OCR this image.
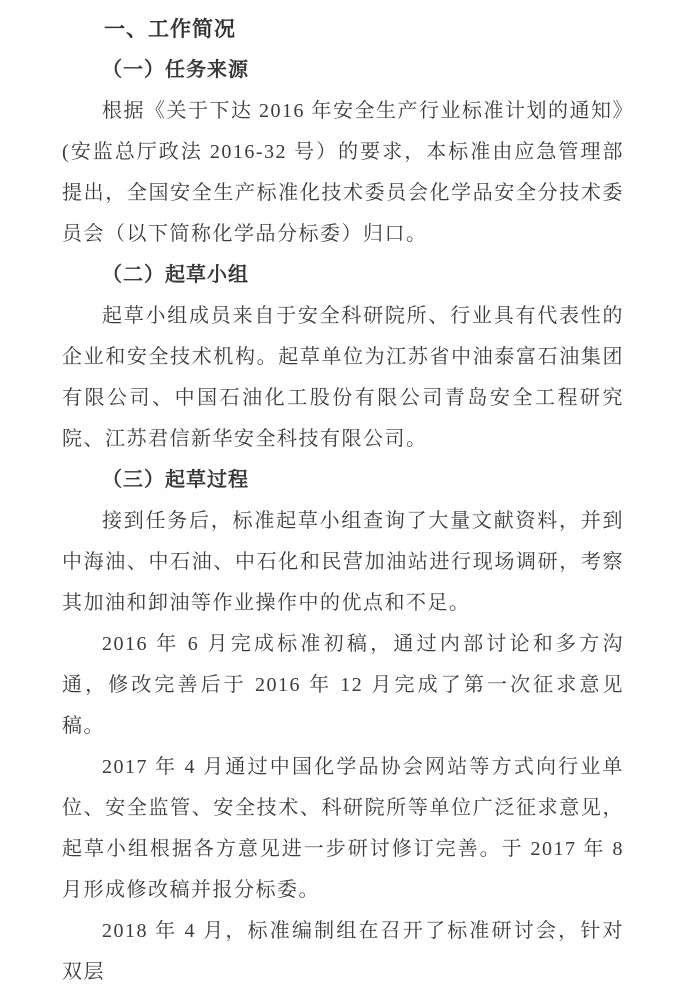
一、工作简况
（一）任务来源

根据《关于下达 2016 年安全生产行业标准计划的通知》(安监总厅政法 2016-32 号）的要求，本标准由应急管理部提出，全国安全生产标准化技术委员会化学品安全分技术委员会（以下简称化学品分标委）归口。

（二）起草小组

起草小组成员来自于安全科研院所、行业具有代表性的企业和安全技术机构。起草单位为江苏省中油泰富石油集团有限公司、中国石油化工股份有限公司青岛安全工程研究院、江苏君信新华安全科技有限公司。

（三）起草过程

接到任务后，标准起草小组查询了大量文献资料，并到中海油、中石油、中石化和民营加油站进行现场调研，考察其加油和卸油等作业操作中的优点和不足。

2016 年 6 月完成标准初稿，通过内部讨论和多方沟通，修改完善后于 2016 年 12 月完成了第一次征求意见稿。

2017 年 4 月通过中国化学品协会网站等方式向行业单位、安全监管、安全技术、科研院所等单位广泛征求意见，起草小组根据各方意见进一步研讨修订完善。于 2017 年 8 月形成修改稿并报分标委。

2018 年 4 月，标准编制组在召开了标准研讨会，针对双层
